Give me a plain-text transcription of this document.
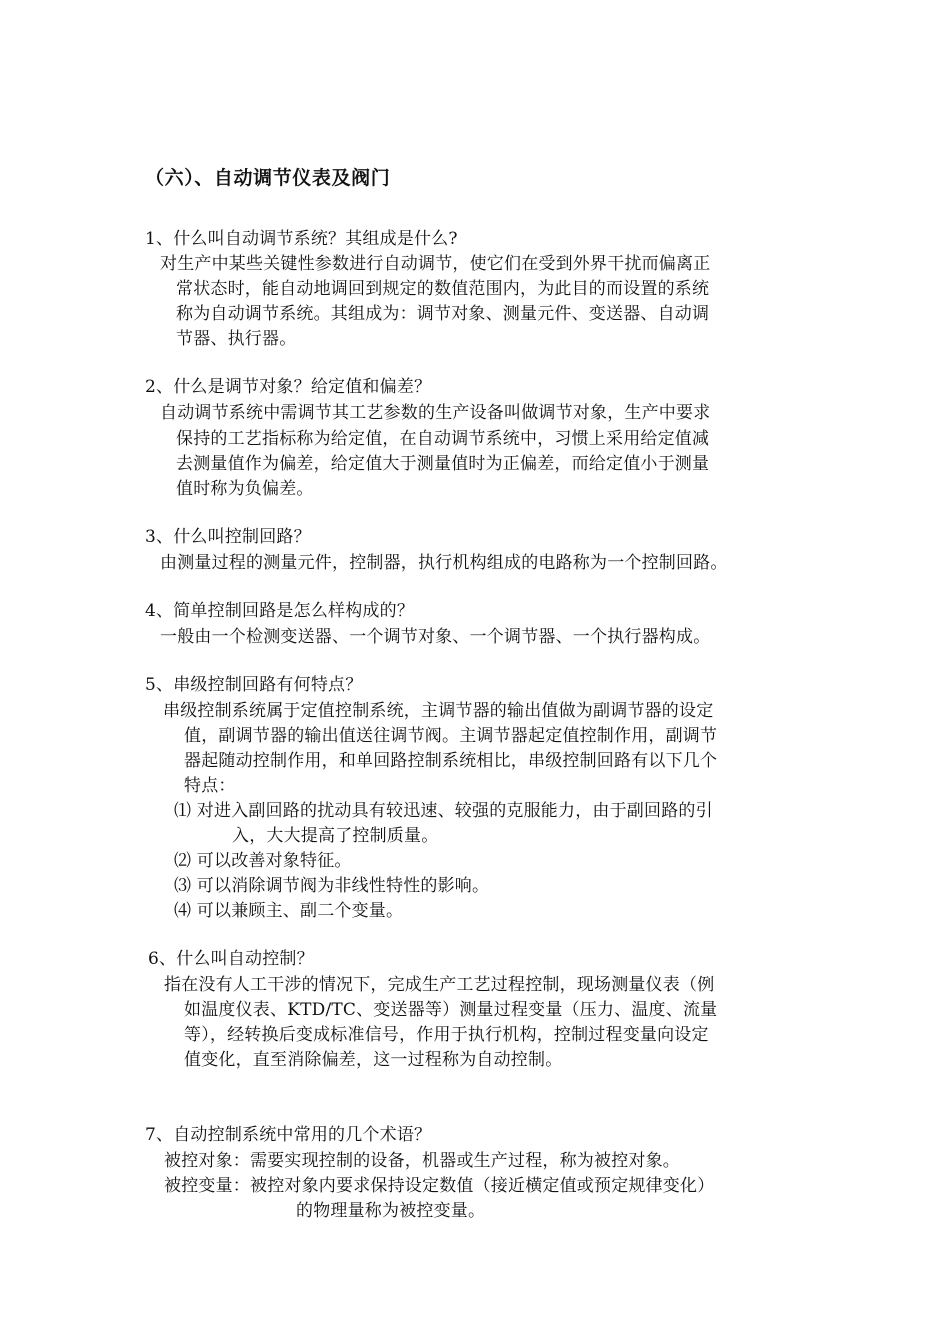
（六）、自动调节仪表及阀门
1、什么叫自动调节系统？其组成是什么?
对生产中某些关键性参数进行自动调节，使它们在受到外界干扰而偏离正
常状态时，能自动地调回到规定的数值范围内，为此目的而设置的系统
称为自动调节系统。其组成为：调节对象、测量元件、变送器、自动调
节器、执行器。
2、什么是调节对象？给定值和偏差？
自动调节系统中需调节其工艺参数的生产设备叫做调节对象，生产中要求
保持的工艺指标称为给定值，在自动调节系统中，习惯上采用给定值减
去测量值作为偏差，给定值大于测量值时为正偏差，而给定值小于测量
值时称为负偏差。
3、什么叫控制回路？
由测量过程的测量元件，控制器，执行机构组成的电路称为一个控制回路。
4、简单控制回路是怎么样构成的？
一般由一个检测变送器、一个调节对象、一个调节器、一个执行器构成。
5、串级控制回路有何特点？
串级控制系统属于定值控制系统，主调节器的输出值做为副调节器的设定
值，副调节器的输出值送往调节阀。主调节器起定值控制作用，副调节
器起随动控制作用，和单回路控制系统相比，串级控制回路有以下几个
特点：
⑴ 对进入副回路的扰动具有较迅速、较强的克服能力，由于副回路的引
入，大大提高了控制质量。
⑵ 可以改善对象特征。
⑶ 可以消除调节阀为非线性特性的影响。
⑷ 可以兼顾主、副二个变量。
6、什么叫自动控制？
指在没有人工干涉的情况下，完成生产工艺过程控制，现场测量仪表（例
如温度仪表、KTD/TC、变送器等）测量过程变量（压力、温度、流量
等），经转换后变成标准信号，作用于执行机构，控制过程变量向设定
值变化，直至消除偏差，这一过程称为自动控制。
7、自动控制系统中常用的几个术语？
被控对象：需要实现控制的设备，机器或生产过程，称为被控对象。
被控变量：被控对象内要求保持设定数值（接近横定值或预定规律变化）
的物理量称为被控变量。
